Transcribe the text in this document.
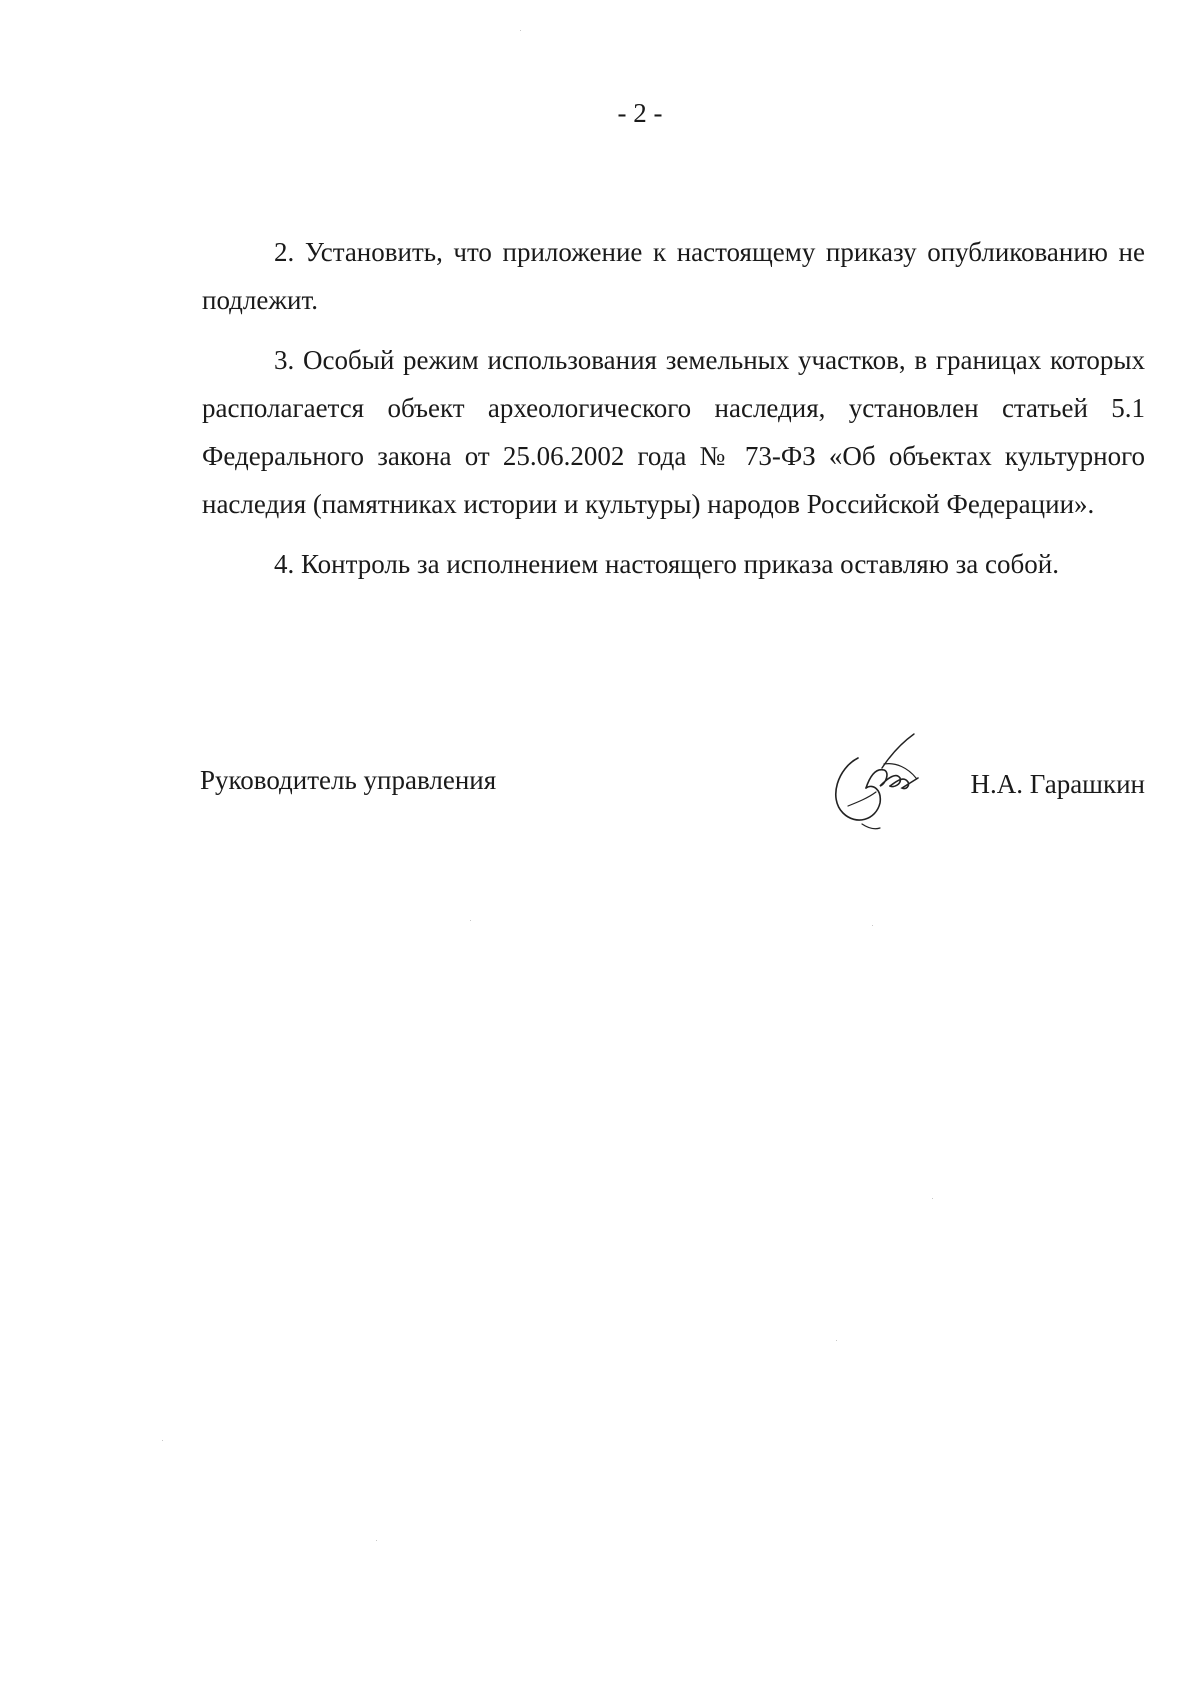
- 2 -

2. Установить, что приложение к настоящему приказу опубликованию не подлежит.

3. Особый режим использования земельных участков, в границах которых располагается объект археологического наследия, установлен статьей 5.1 Федерального закона от 25.06.2002 года № 73-ФЗ «Об объектах культурного наследия (памятниках истории и культуры) народов Российской Федерации».

4. Контроль за исполнением настоящего приказа оставляю за собой.

Руководитель управления	Н.А. Гарашкин
